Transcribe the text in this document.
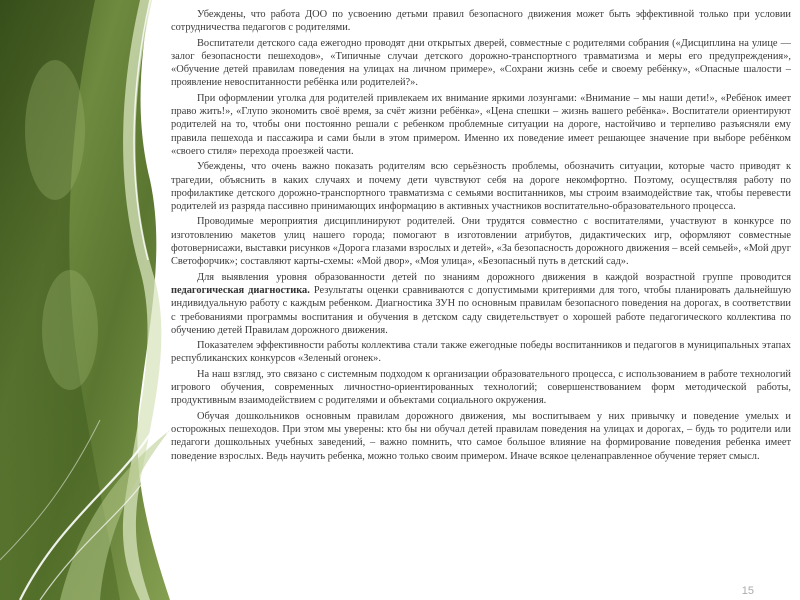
Убеждены, что работа ДОО по усвоению детьми правил безопасного движения может быть эффективной только при условии сотрудничества педагогов с родителями.

Воспитатели детского сада ежегодно проводят дни открытых дверей, совместные с родителями собрания («Дисциплина на улице — залог безопасности пешеходов», «Типичные случаи детского дорожно-транспортного травматизма и меры его предупреждения», «Обучение детей правилам поведения на улицах на личном примере», «Сохрани жизнь себе и своему ребёнку», «Опасные шалости – проявление невоспитанности ребёнка или родителей?».

При оформлении уголка для родителей привлекаем их внимание яркими лозунгами: «Внимание – мы наши дети!», «Ребёнок имеет право жить!», «Глупо экономить своё время, за счёт жизни ребёнка», «Цена спешки – жизнь вашего ребёнка». Воспитатели ориентируют родителей на то, чтобы они постоянно решали с ребенком проблемные ситуации на дороге, настойчиво и терпеливо разъясняли ему правила пешехода и пассажира и сами были в этом примером. Именно их поведение имеет решающее значение при выборе ребёнком «своего стиля» перехода проезжей части.

Убеждены, что очень важно показать родителям всю серьёзность проблемы, обозначить ситуации, которые часто приводят к трагедии, объяснить в каких случаях и почему дети чувствуют себя на дороге некомфортно. Поэтому, осуществляя работу по профилактике детского дорожно-транспортного травматизма с семьями воспитанников, мы строим взаимодействие так, чтобы перевести родителей из разряда пассивно принимающих информацию в активных участников воспитательно-образовательного процесса.

Проводимые мероприятия дисциплинируют родителей. Они трудятся совместно с воспитателями, участвуют в конкурсе по изготовлению макетов улиц нашего города; помогают в изготовлении атрибутов, дидактических игр, оформляют совместные фотовернисажи, выставки рисунков «Дорога глазами взрослых и детей», «За безопасность дорожного движения – всей семьей», «Мой друг Светофорчик»; составляют карты-схемы: «Мой двор», «Моя улица», «Безопасный путь в детский сад».

Для выявления уровня образованности детей по знаниям дорожного движения в каждой возрастной группе проводится педагогическая диагностика. Результаты оценки сравниваются с допустимыми критериями для того, чтобы планировать дальнейшую индивидуальную работу с каждым ребенком. Диагностика ЗУН по основным правилам безопасного поведения на дорогах, в соответствии с требованиями программы воспитания и обучения в детском саду свидетельствует о хорошей работе педагогического коллектива по обучению детей Правилам дорожного движения.

Показателем эффективности работы коллектива стали также ежегодные победы воспитанников и педагогов в муниципальных этапах республиканских конкурсов «Зеленый огонек».

На наш взгляд, это связано с системным подходом к организации образовательного процесса, с использованием в работе технологий игрового обучения, современных личностно-ориентированных технологий; совершенствованием форм методической работы, продуктивным взаимодействием с родителями и объектами социального окружения.

Обучая дошкольников основным правилам дорожного движения, мы воспитываем у них привычку и поведение умелых и осторожных пешеходов. При этом мы уверены: кто бы ни обучал детей правилам поведения на улицах и дорогах, – будь то родители или педагоги дошкольных учебных заведений, – важно помнить, что самое большое влияние на формирование поведения ребенка имеет поведение взрослых. Ведь научить ребенка, можно только своим примером. Иначе всякое целенаправленное обучение теряет смысл.

15
